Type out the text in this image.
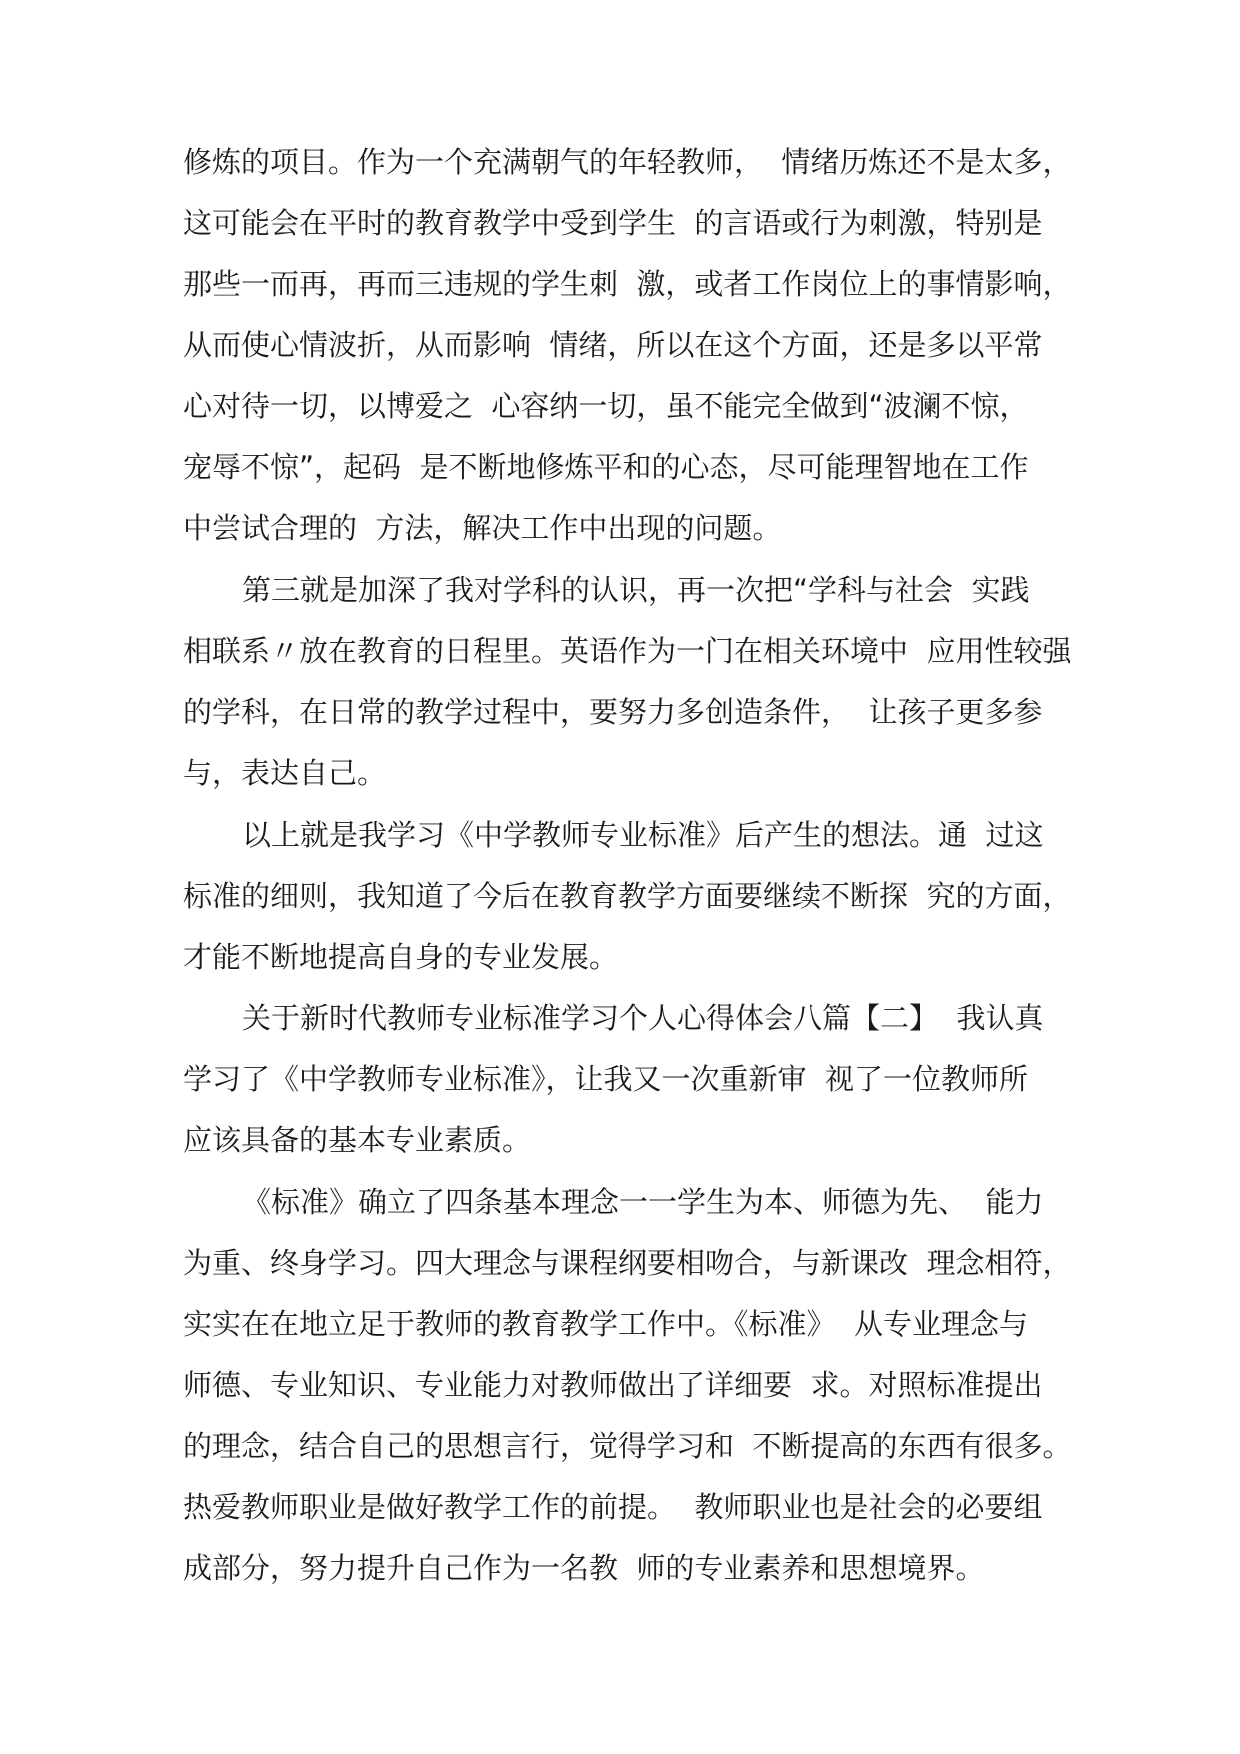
修炼的项目。作为一个充满朝气的年轻教师，  情绪历炼还不是太多，
这可能会在平时的教育教学中受到学生  的言语或行为刺激，特别是
那些一而再，再而三违规的学生刺  激，或者工作岗位上的事情影响，
从而使心情波折，从而影响  情绪，所以在这个方面，还是多以平常
心对待一切，以博爱之  心容纳一切，虽不能完全做到“波澜不惊，
宠辱不惊”，起码  是不断地修炼平和的心态，尽可能理智地在工作
中尝试合理的  方法，解决工作中出现的问题。
第三就是加深了我对学科的认识，再一次把“学科与社会  实践
相联系〃放在教育的日程里。英语作为一门在相关环境中  应用性较强
的学科，在日常的教学过程中，要努力多创造条件，  让孩子更多参
与，表达自己。
以上就是我学习《中学教师专业标准》后产生的想法。通  过这
标准的细则，我知道了今后在教育教学方面要继续不断探  究的方面，
才能不断地提高自身的专业发展。
关于新时代教师专业标准学习个人心得体会八篇【二】  我认真
学习了《中学教师专业标准》，让我又一次重新审  视了一位教师所
应该具备的基本专业素质。
《标准》确立了四条基本理念一一学生为本、师德为先、  能力
为重、终身学习。四大理念与课程纲要相吻合，与新课改  理念相符，
实实在在地立足于教师的教育教学工作中。《标准》  从专业理念与
师德、专业知识、专业能力对教师做出了详细要  求。对照标准提出
的理念，结合自己的思想言行，觉得学习和  不断提高的东西有很多。
热爱教师职业是做好教学工作的前提。  教师职业也是社会的必要组
成部分，努力提升自己作为一名教  师的专业素养和思想境界。
